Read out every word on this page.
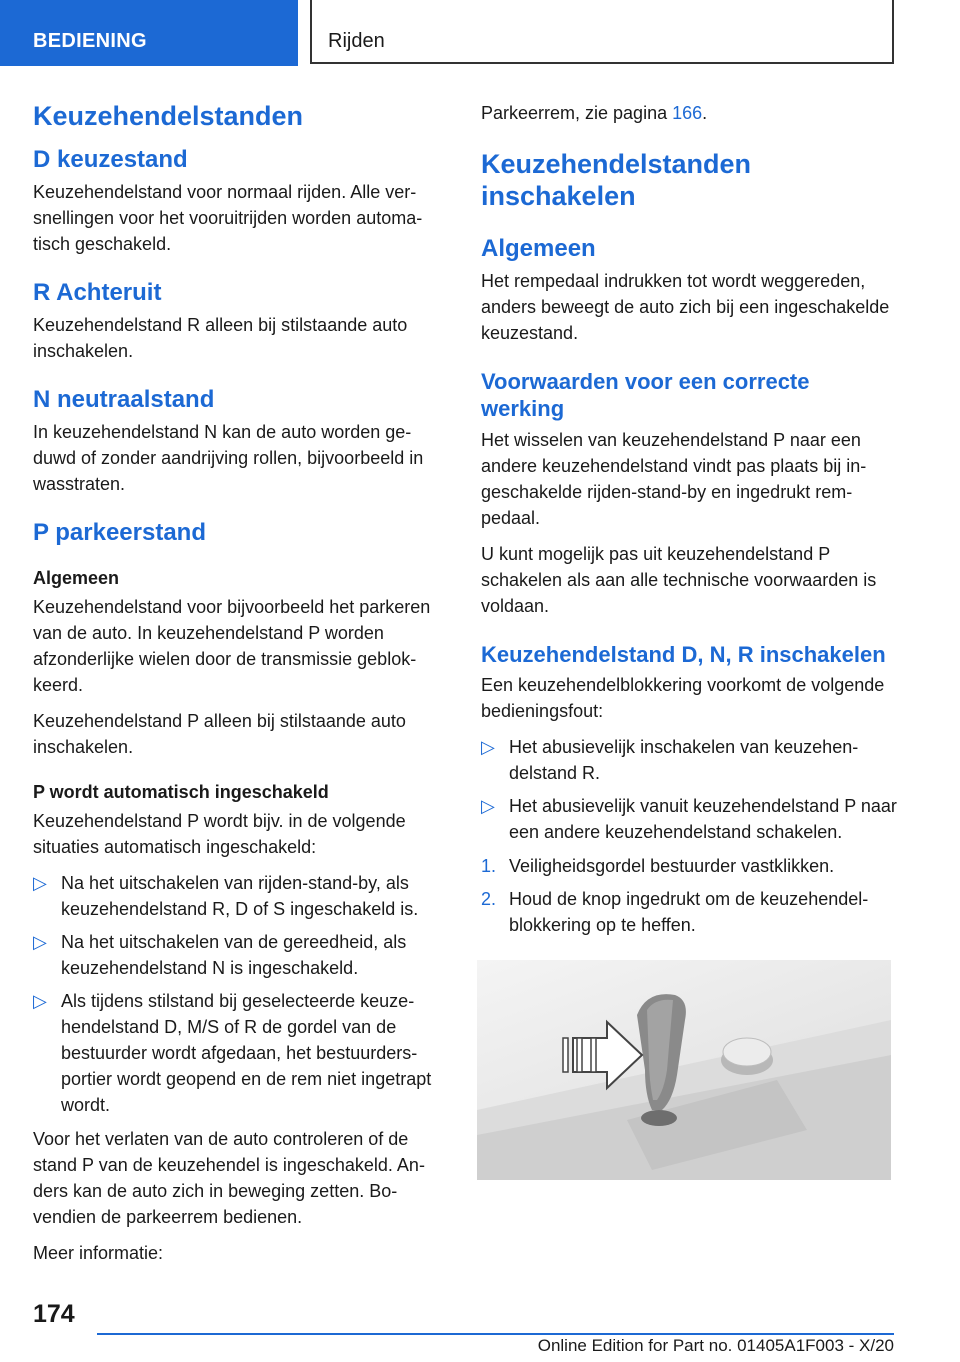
BEDIENING	Rijden
Keuzehendelstanden
D keuzestand

Keuzehendelstand voor normaal rijden. Alle versnellingen voor het vooruitrijden worden automatisch geschakeld.

R Achteruit

Keuzehendelstand R alleen bij stilstaande auto inschakelen.

N neutraalstand

In keuzehendelstand N kan de auto worden geduwd of zonder aandrijving rollen, bijvoorbeeld in wasstraten.

P parkeerstand
Algemeen

Keuzehendelstand voor bijvoorbeeld het parkeren van de auto. In keuzehendelstand P worden afzonderlijke wielen door de transmissie geblokkeerd.

Keuzehendelstand P alleen bij stilstaande auto inschakelen.

P wordt automatisch ingeschakeld

Keuzehendelstand P wordt bijv. in de volgende situaties automatisch ingeschakeld:

▷ Na het uitschakelen van rijden-stand-by, als keuzehendelstand R, D of S ingeschakeld is.
▷ Na het uitschakelen van de gereedheid, als keuzehendelstand N is ingeschakeld.
▷ Als tijdens stilstand bij geselecteerde keuzehendelstand D, M/S of R de gordel van de bestuurder wordt afgedaan, het bestuurdersportier wordt geopend en de rem niet ingetrapt wordt.

Voor het verlaten van de auto controleren of de stand P van de keuzehendel is ingeschakeld. Anders kan de auto zich in beweging zetten. Bovendien de parkeerrem bedienen.

Meer informatie:

Parkeerrem, zie pagina 166.

Keuzehendelstanden inschakelen
Algemeen

Het rempedaal indrukken tot wordt weggereden, anders beweegt de auto zich bij een ingeschakelde keuzestand.

Voorwaarden voor een correcte werking

Het wisselen van keuzehendelstand P naar een andere keuzehendelstand vindt pas plaats bij ingeschakelde rijden-stand-by en ingedrukt rempedaal.

U kunt mogelijk pas uit keuzehendelstand P schakelen als aan alle technische voorwaarden is voldaan.

Keuzehendelstand D, N, R inschakelen

Een keuzehendelblokkering voorkomt de volgende bedieningsfout:

▷ Het abusievelijk inschakelen van keuzehendelstand R.
▷ Het abusievelijk vanuit keuzehendelstand P naar een andere keuzehendelstand schakelen.
1. Veiligheidsgordel bestuurder vastklikken.
2. Houd de knop ingedrukt om de keuzehendelblokkering op te heffen.
174
Online Edition for Part no. 01405A1F003 - X/20
